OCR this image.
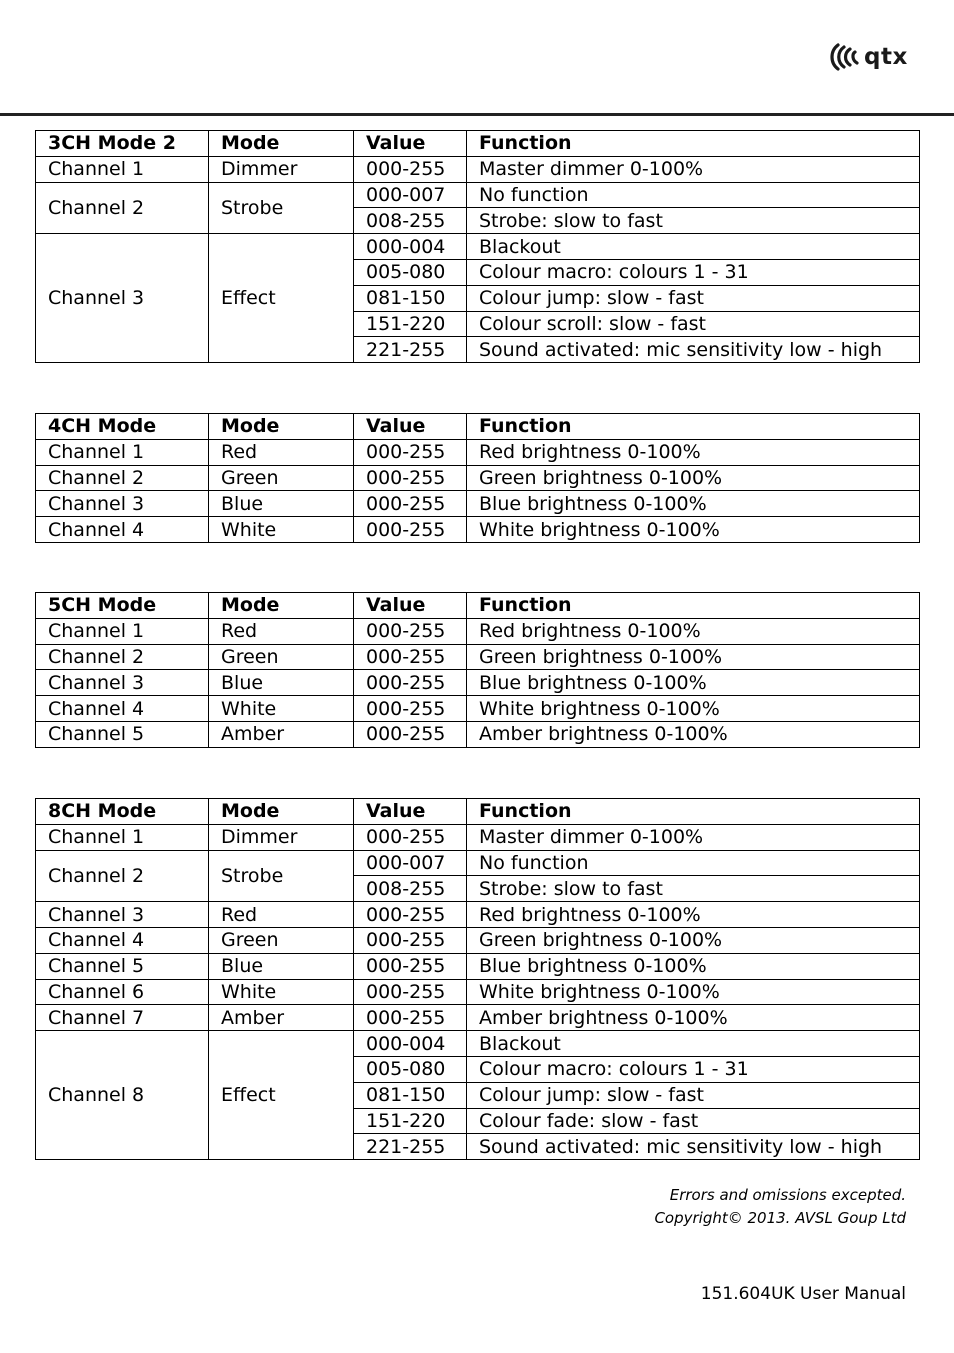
qtx
3CH Mode 2	Mode	Value	Function
Channel 1	Dimmer	000-255	Master dimmer 0-100%
Channel 2	Strobe	000-007	No function
		008-255	Strobe: slow to fast
Channel 3	Effect	000-004	Blackout
		005-080	Colour macro: colours 1 - 31
		081-150	Colour jump: slow - fast
		151-220	Colour scroll: slow - fast
		221-255	Sound activated: mic sensitivity low - high
4CH Mode	Mode	Value	Function
Channel 1	Red	000-255	Red brightness 0-100%
Channel 2	Green	000-255	Green brightness 0-100%
Channel 3	Blue	000-255	Blue brightness 0-100%
Channel 4	White	000-255	White brightness 0-100%
5CH Mode	Mode	Value	Function
Channel 1	Red	000-255	Red brightness 0-100%
Channel 2	Green	000-255	Green brightness 0-100%
Channel 3	Blue	000-255	Blue brightness 0-100%
Channel 4	White	000-255	White brightness 0-100%
Channel 5	Amber	000-255	Amber brightness 0-100%
8CH Mode	Mode	Value	Function
Channel 1	Dimmer	000-255	Master dimmer 0-100%
Channel 2	Strobe	000-007	No function
		008-255	Strobe: slow to fast
Channel 3	Red	000-255	Red brightness 0-100%
Channel 4	Green	000-255	Green brightness 0-100%
Channel 5	Blue	000-255	Blue brightness 0-100%
Channel 6	White	000-255	White brightness 0-100%
Channel 7	Amber	000-255	Amber brightness 0-100%
Channel 8	Effect	000-004	Blackout
		005-080	Colour macro: colours 1 - 31
		081-150	Colour jump: slow - fast
		151-220	Colour fade: slow - fast
		221-255	Sound activated: mic sensitivity low - high
Errors and omissions excepted.
Copyright© 2013. AVSL Goup Ltd
151.604UK User Manual
